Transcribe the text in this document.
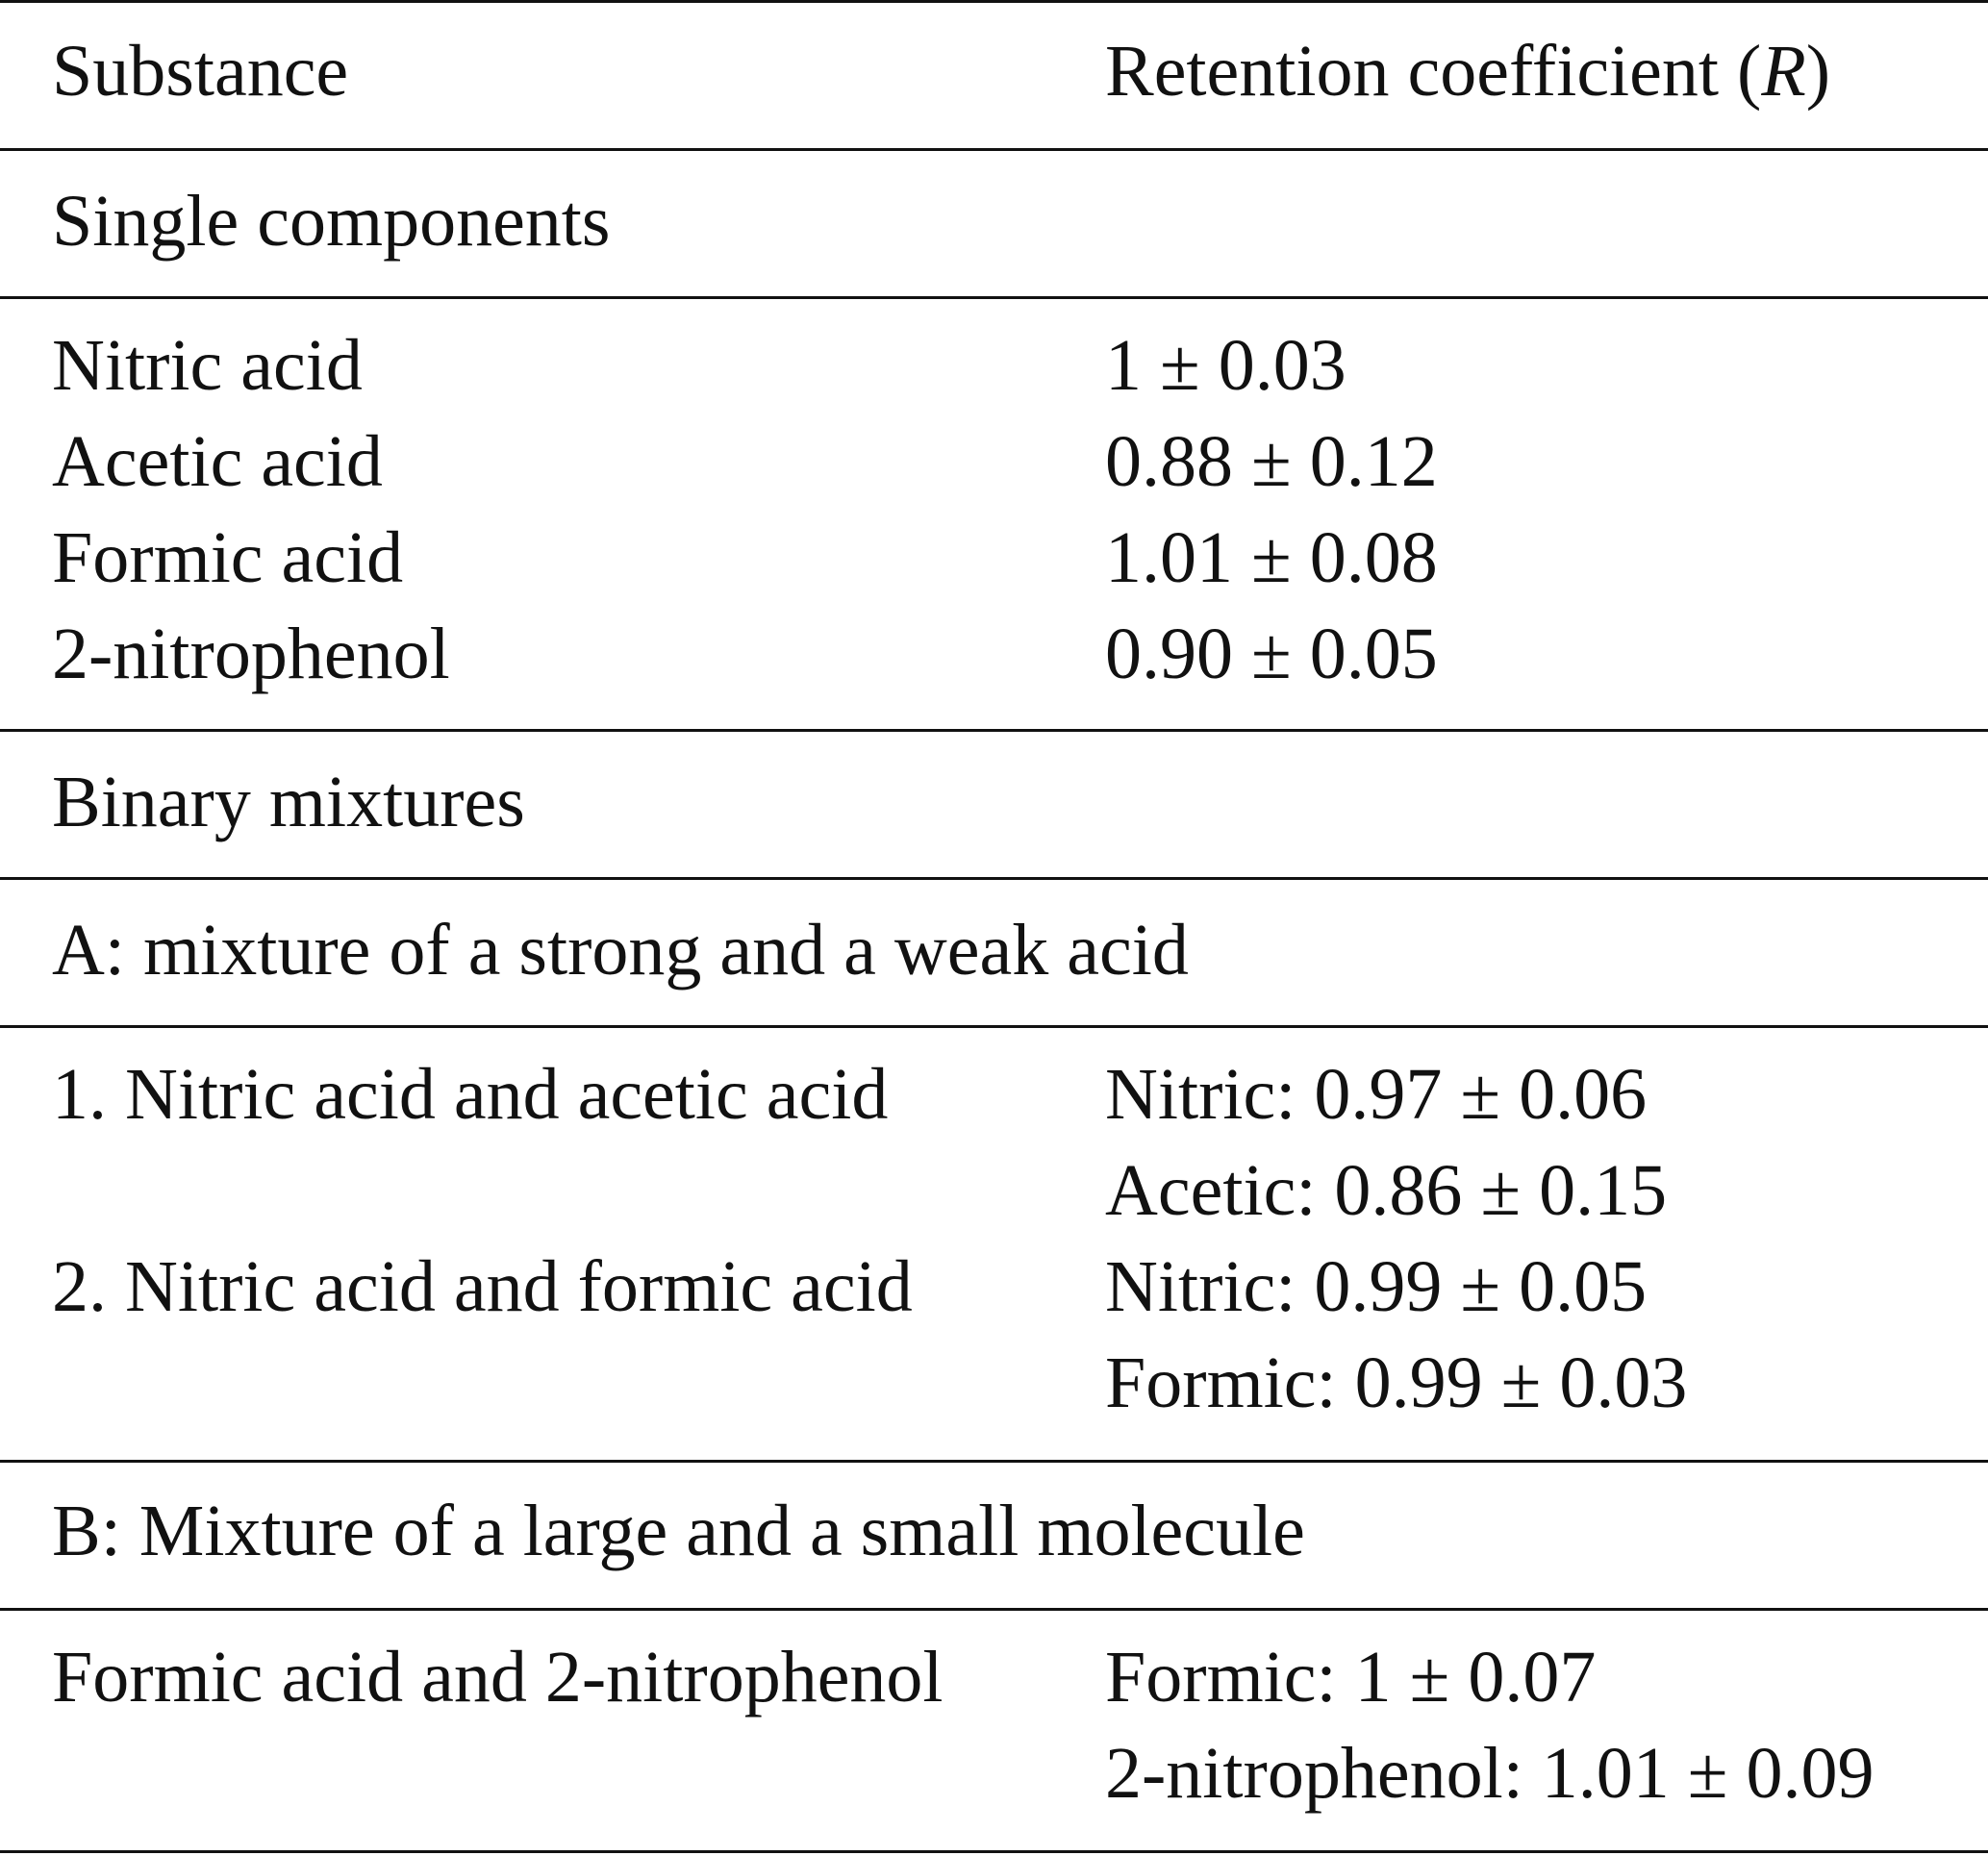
Substance	Retention coefficient (R)
Single components
Nitric acid	1 ± 0.03
Acetic acid	0.88 ± 0.12
Formic acid	1.01 ± 0.08
2-nitrophenol	0.90 ± 0.05
Binary mixtures
A: mixture of a strong and a weak acid
1. Nitric acid and acetic acid	Nitric: 0.97 ± 0.06
Acetic: 0.86 ± 0.15
2. Nitric acid and formic acid	Nitric: 0.99 ± 0.05
Formic: 0.99 ± 0.03
B: Mixture of a large and a small molecule
Formic acid and 2-nitrophenol Formic: 1 ± 0.07
2-nitrophenol: 1.01 ± 0.09
